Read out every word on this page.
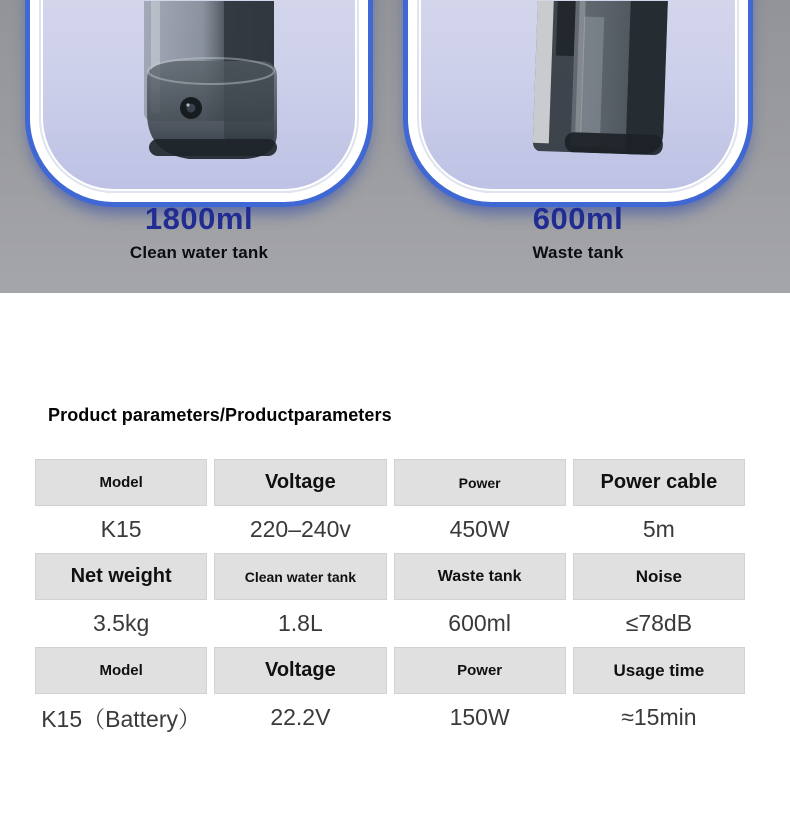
1800ml
Clean water tank
600ml
Waste tank
Product parameters/Productparameters
Model	Voltage	Power	Power cable
K15	220–240v	450W	5m
Net weight	Clean water tank	Waste tank	Noise
3.5kg	1.8L	600ml	≤78dB
Model	Voltage	Power	Usage time
K15（Battery）	22.2V	150W	≈15min
